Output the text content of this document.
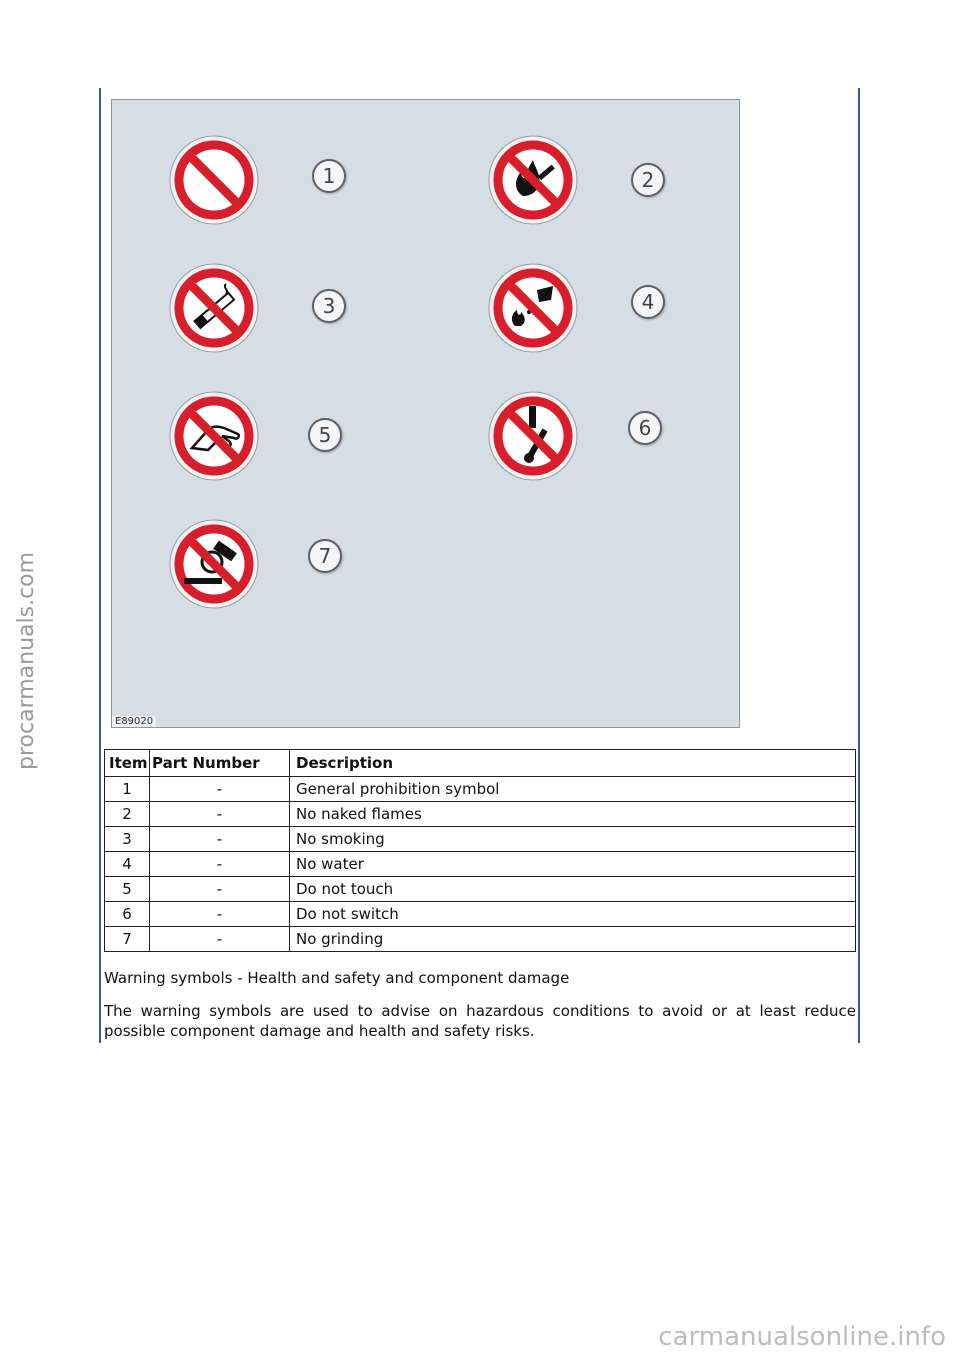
1	2
3	4
5	6
7
E89020
Item	Part Number	Description
1	-	General prohibition symbol
2	-	No naked flames
3	-	No smoking
4	-	No water
5	-	Do not touch
6	-	Do not switch
7	-	No grinding
Warning symbols - Health and safety and component damage
The warning symbols are used to advise on hazardous conditions to avoid or at least reduce possible component damage and health and safety risks.
procarmanuals.com
carmanualsonline.info
